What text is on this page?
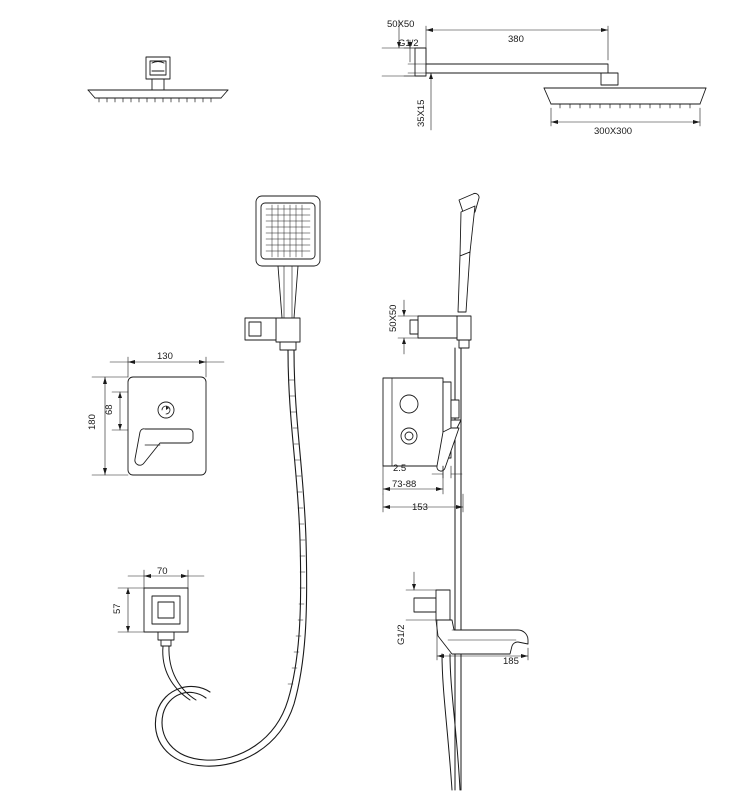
50X50
G1/2	380
35X15
300X300
130
180
68
70
57
50X50
2.5
73-88
153
G1/2
185
